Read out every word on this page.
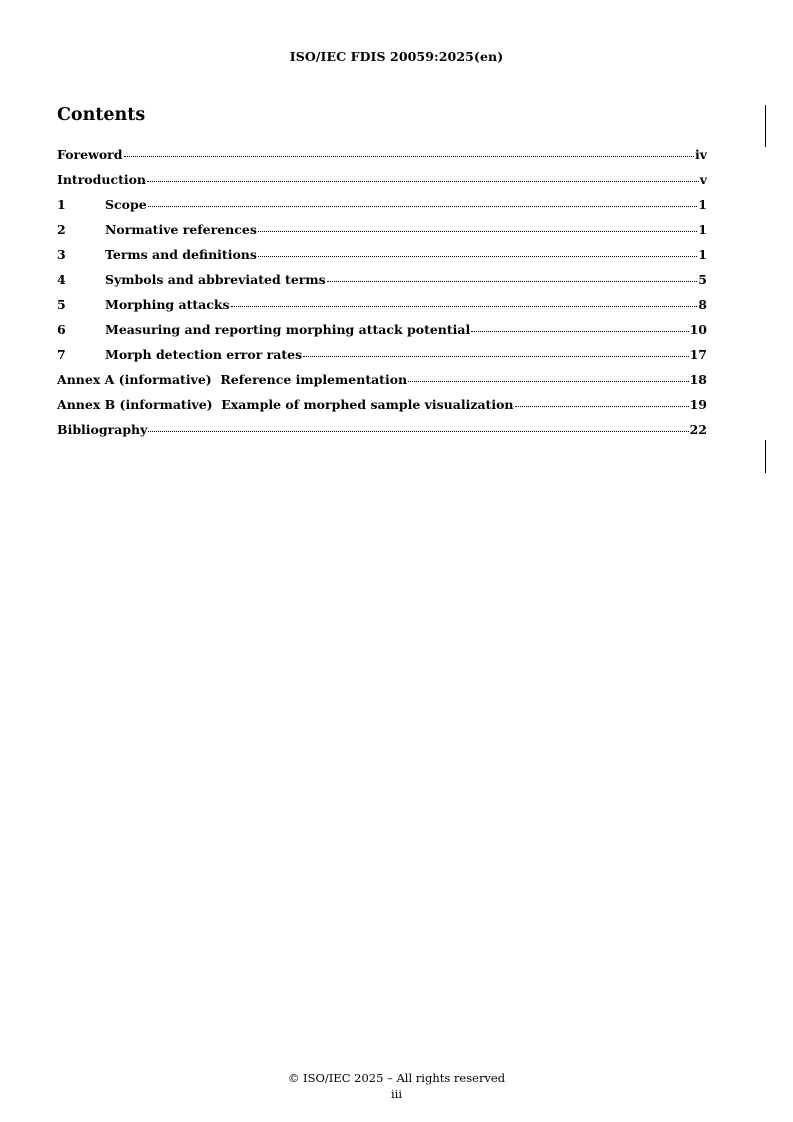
ISO/IEC FDIS 20059:2025(en)
Contents
Foreword	iv
Introduction	v
1	Scope	1
2	Normative references	1
3	Terms and definitions	1
4	Symbols and abbreviated terms	5
5	Morphing attacks	8
6	Measuring and reporting morphing attack potential	10
7	Morph detection error rates	17
Annex A (informative)  Reference implementation	18
Annex B (informative)  Example of morphed sample visualization	19
Bibliography	22
© ISO/IEC 2025 – All rights reserved
iii
